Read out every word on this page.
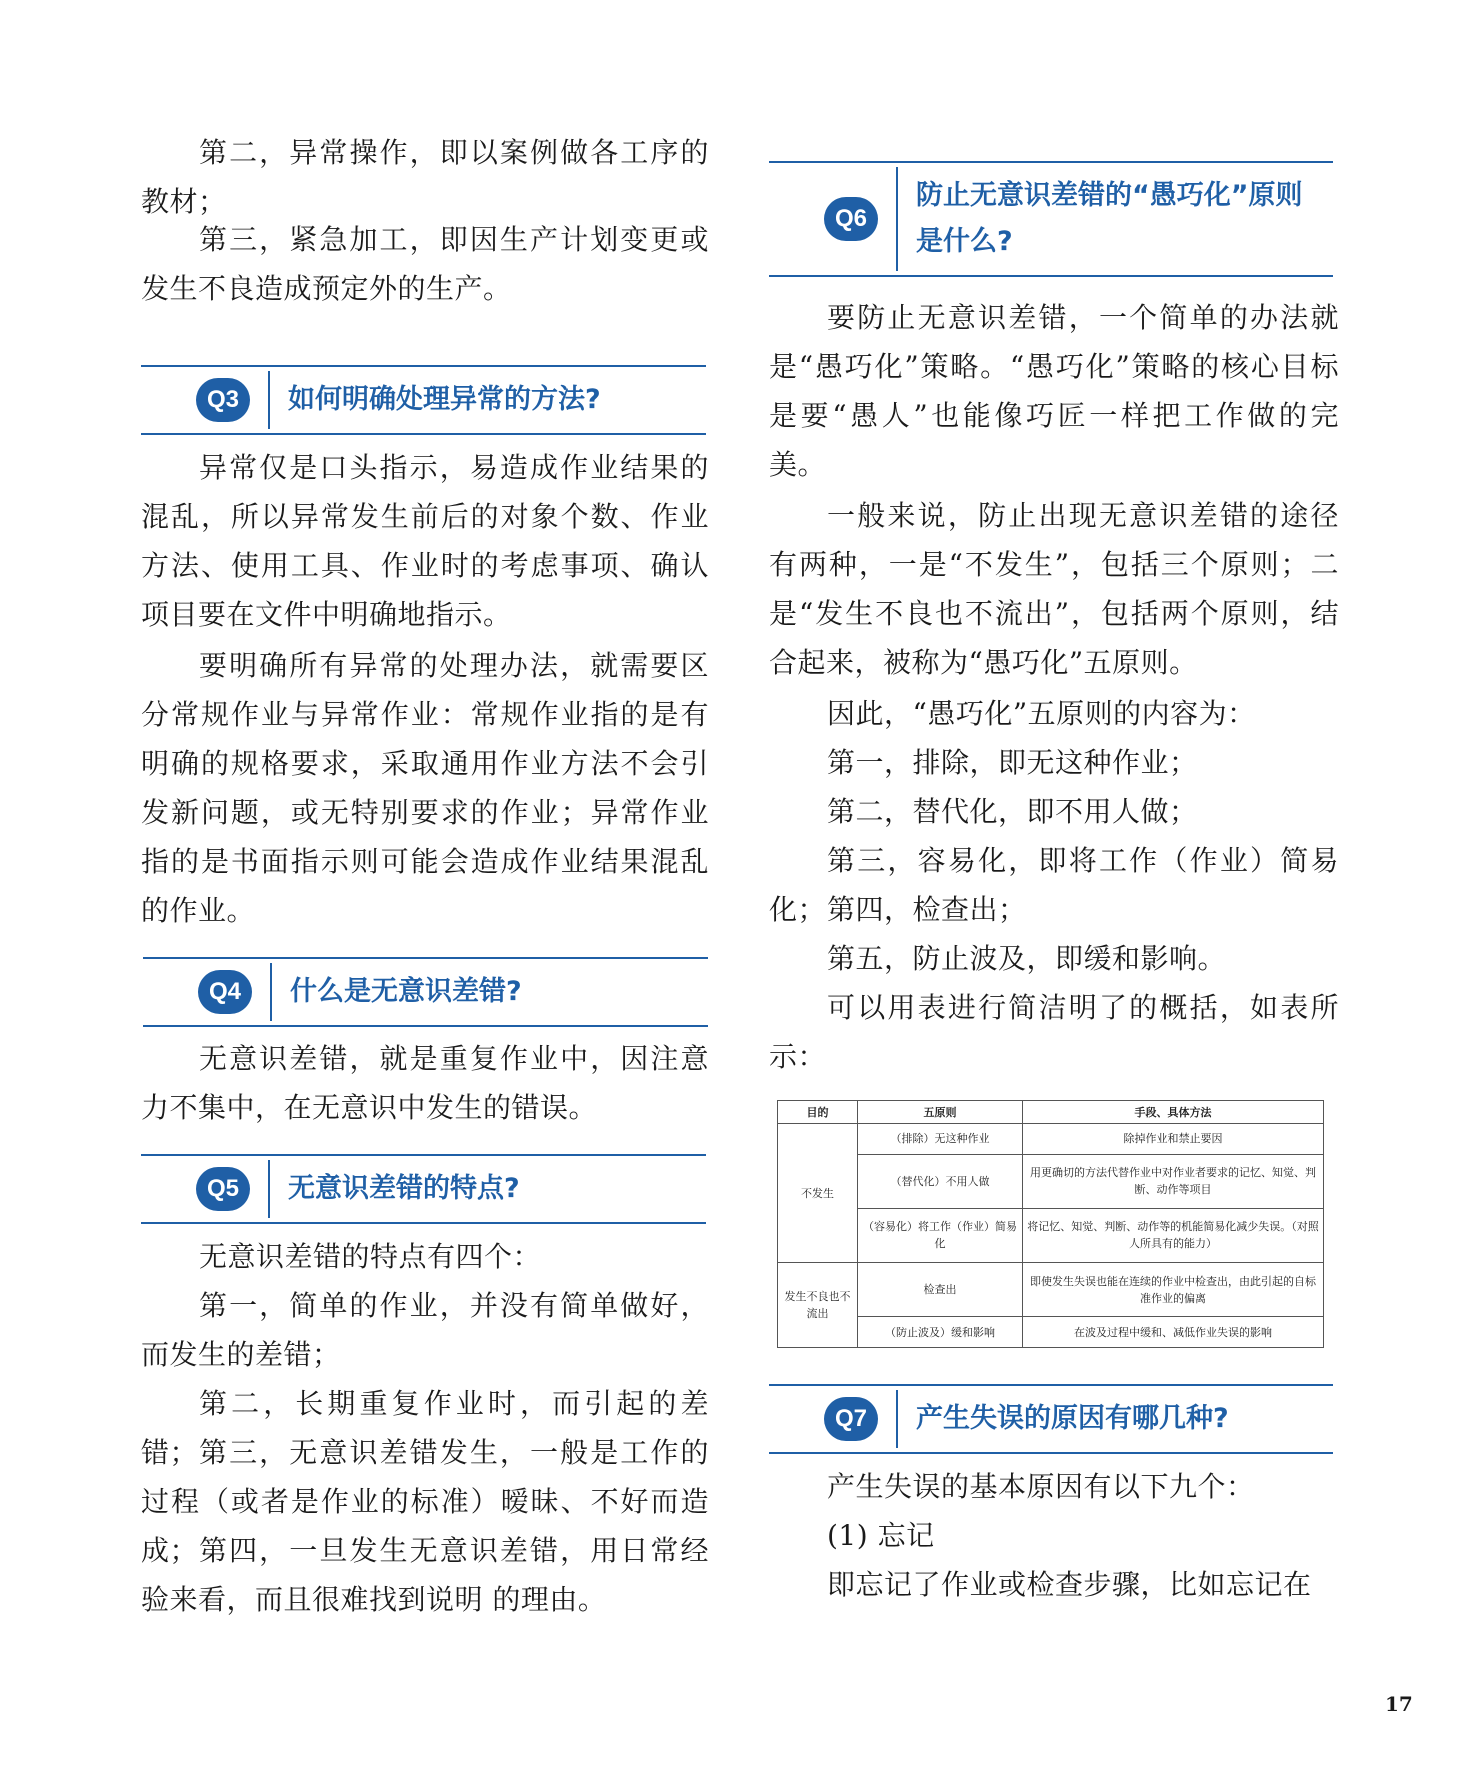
第二，异常操作，即以案例做各工序的教材；

第三，紧急加工，即因生产计划变更或发生不良造成预定外的生产。

Q3	如何明确处理异常的方法?

异常仅是口头指示，易造成作业结果的混乱，所以异常发生前后的对象个数、作业方法、使用工具、作业时的考虑事项、确认项目要在文件中明确地指示。

要明确所有异常的处理办法，就需要区分常规作业与异常作业：常规作业指的是有明确的规格要求，采取通用作业方法不会引发新问题，或无特别要求的作业；异常作业指的是书面指示则可能会造成作业结果混乱的作业。

Q4	什么是无意识差错?

无意识差错，就是重复作业中，因注意力不集中，在无意识中发生的错误。

Q5	无意识差错的特点?

无意识差错的特点有四个：

第一，简单的作业，并没有简单做好，而发生的差错；

第二，长期重复作业时，而引起的差错； 第三，无意识差错发生，一般是工作的过程（或者是作业的标准）暧昧、不好而造成； 第四，一旦发生无意识差错，用日常经验来看，而且很难找到说明 的理由。

Q6
防止无意识差错的“愚巧化”原则是什么?

要防止无意识差错，一个简单的办法就是“愚巧化”策略。“愚巧化”策略的核心目标是要“愚人”也能像巧匠一样把工作做的完美。

一般来说，防止出现无意识差错的途径有两种，一是“不发生”，包括三个原则；二是“发生不良也不流出”，包括两个原则，结合起来，被称为“愚巧化”五原则。

因此，“愚巧化”五原则的内容为：

第一，排除，即无这种作业；

第二，替代化，即不用人做；

第三，容易化，即将工作（作业）简易化； 第四，检查出；

第五，防止波及，即缓和影响。

可以用表进行简洁明了的概括，如表所示：

Q7	产生失误的原因有哪几种?

产生失误的基本原因有以下九个：

(1) 忘记

即忘记了作业或检查步骤，比如忘记在

目的	五原则	手段、具体方法
不发生	（排除）无这种作业	除掉作业和禁止要因
	（替代化）不用人做	用更确切的方法代替作业中对作业者要求的记忆、知觉、判断、动作等项目
	（容易化）将工作（作业）简易化	将记忆、知觉、判断、动作等的机能简易化减少失误。（对照人所具有的能力）
发生不良也不流出	检查出	即使发生失误也能在连续的作业中检查出，由此引起的自标准作业的偏离
	（防止波及）缓和影响	在波及过程中缓和、减低作业失误的影响
17
